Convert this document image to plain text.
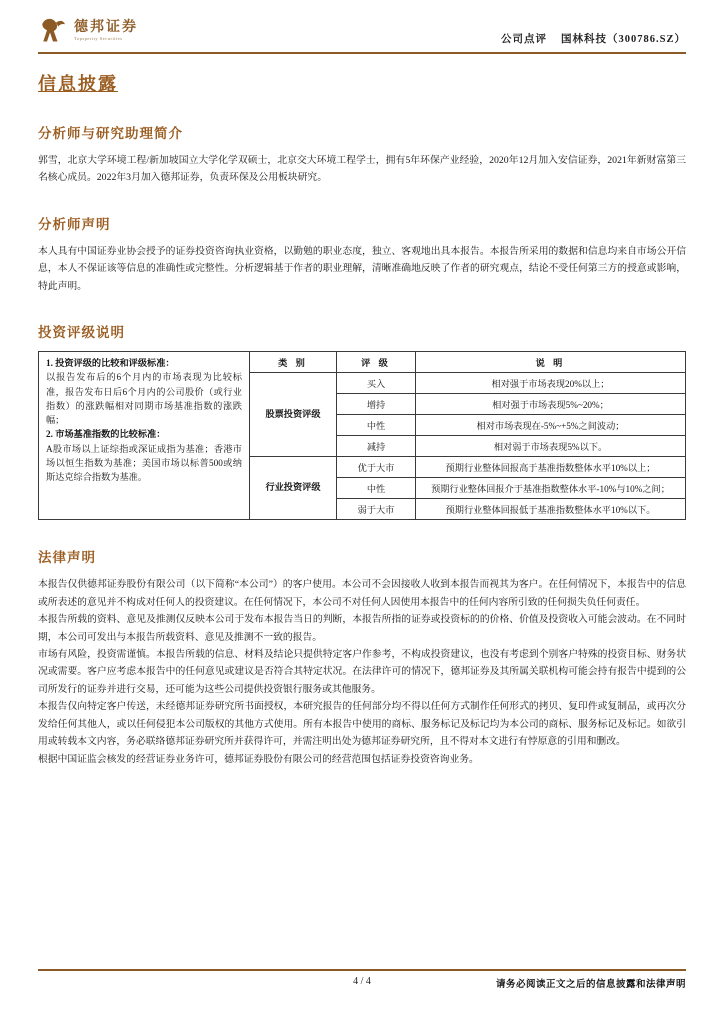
德邦证券
Topsperity Securities	公司点评 国林科技（300786.SZ）
信息披露
分析师与研究助理简介

郭雪，北京大学环境工程/新加坡国立大学化学双硕士，北京交大环境工程学士，拥有5年环保产业经验，2020年12月加入安信证券，2021年新财富第三名核心成员。2022年3月加入德邦证券，负责环保及公用板块研究。

分析师声明

本人具有中国证券业协会授予的证券投资咨询执业资格，以勤勉的职业态度，独立、客观地出具本报告。本报告所采用的数据和信息均来自市场公开信息，本人不保证该等信息的准确性或完整性。分析逻辑基于作者的职业理解，清晰准确地反映了作者的研究观点，结论不受任何第三方的授意或影响，特此声明。

投资评级说明
1. 投资评级的比较和评级标准：

以报告发布后的6个月内的市场表现为比较标准，报告发布日后6个月内的公司股价（或行业指数）的涨跌幅相对同期市场基准指数的涨跌幅；

2. 市场基准指数的比较标准：

A股市场以上证综指或深证成指为基准；香港市场以恒生指数为基准；美国市场以标普500或纳斯达克综合指数为基准。	类 别	评 级	说 明
	股票投资评级	买入	相对强于市场表现20%以上；
		增持	相对强于市场表现5%~20%；
		中性	相对市场表现在-5%~+5%之间波动；
		减持	相对弱于市场表现5%以下。
	行业投资评级	优于大市	预期行业整体回报高于基准指数整体水平10%以上；
		中性	预期行业整体回报介于基准指数整体水平-10%与10%之间；
		弱于大市	预期行业整体回报低于基准指数整体水平10%以下。
法律声明

本报告仅供德邦证券股份有限公司（以下简称“本公司”）的客户使用。本公司不会因接收人收到本报告而视其为客户。在任何情况下，本报告中的信息或所表述的意见并不构成对任何人的投资建议。在任何情况下，本公司不对任何人因使用本报告中的任何内容所引致的任何损失负任何责任。

本报告所载的资料、意见及推测仅反映本公司于发布本报告当日的判断，本报告所指的证券或投资标的的价格、价值及投资收入可能会波动。在不同时期，本公司可发出与本报告所载资料、意见及推测不一致的报告。

市场有风险，投资需谨慎。本报告所载的信息、材料及结论只提供特定客户作参考，不构成投资建议，也没有考虑到个别客户特殊的投资目标、财务状况或需要。客户应考虑本报告中的任何意见或建议是否符合其特定状况。在法律许可的情况下，德邦证券及其所属关联机构可能会持有报告中提到的公司所发行的证券并进行交易，还可能为这些公司提供投资银行服务或其他服务。

本报告仅向特定客户传送，未经德邦证券研究所书面授权，本研究报告的任何部分均不得以任何方式制作任何形式的拷贝、复印件或复制品，或再次分发给任何其他人，或以任何侵犯本公司版权的其他方式使用。所有本报告中使用的商标、服务标记及标记均为本公司的商标、服务标记及标记。如欲引用或转载本文内容，务必联络德邦证券研究所并获得许可，并需注明出处为德邦证券研究所，且不得对本文进行有悖原意的引用和删改。

根据中国证监会核发的经营证券业务许可，德邦证券股份有限公司的经营范围包括证券投资咨询业务。

4 / 4	请务必阅读正文之后的信息披露和法律声明
